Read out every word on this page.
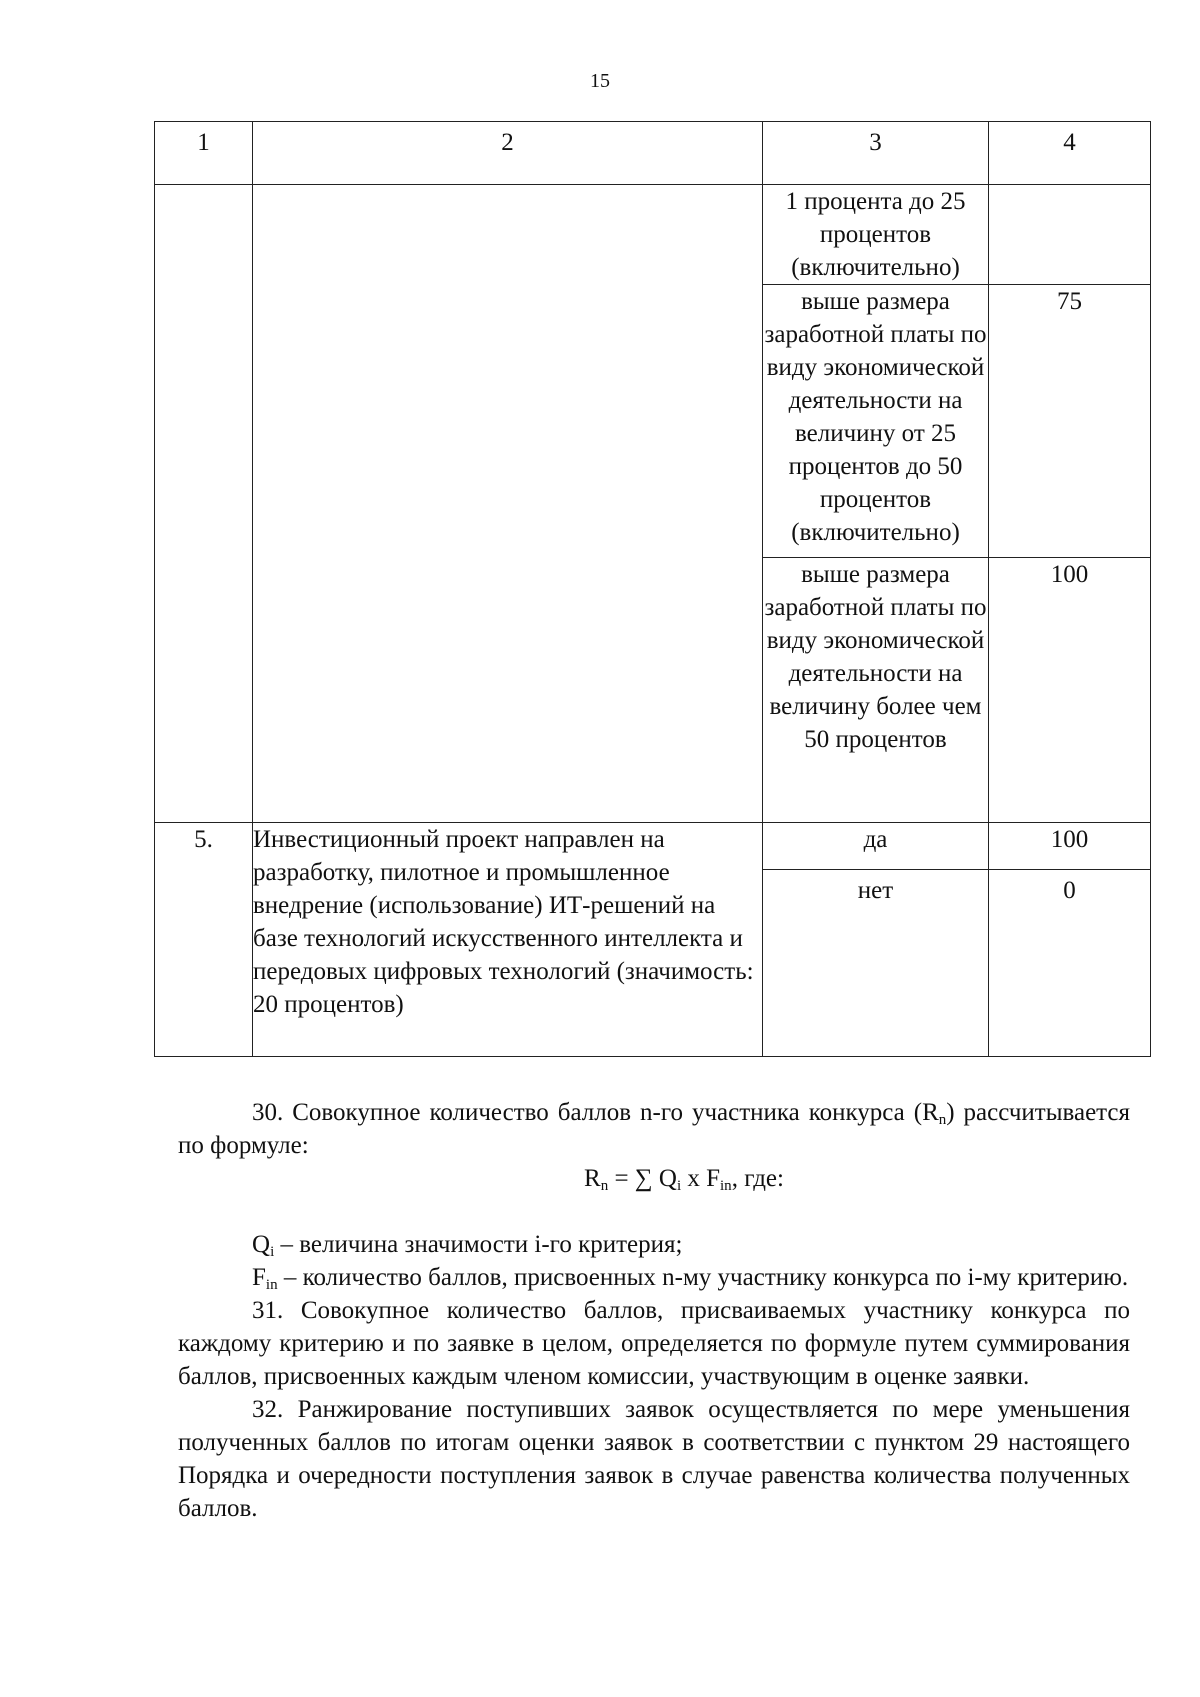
15
1	2	3	4
		1 процента до 25 процентов (включительно)	
		выше размера заработной платы по виду экономической деятельности на величину от 25 процентов до 50 процентов (включительно)	75
		выше размера заработной платы по виду экономической деятельности на величину более чем 50 процентов	100
5.	Инвестиционный проект направлен на разработку, пилотное и промышленное внедрение (использование) ИТ-решений на базе технологий искусственного интеллекта и передовых цифровых технологий (значимость: 20 процентов)	да	100
		нет	0

30. Совокупное количество баллов n-го участника конкурса $(R_n)$ рассчитывается по формуле:

$R_n$ = ∑ $Q_i$ x $F_{in}$, где:

$Q_i$ – величина значимости i-го критерия;

$F_{in}$ – количество баллов, присвоенных n-му участнику конкурса по i-му критерию.

31. Совокупное количество баллов, присваиваемых участнику конкурса по каждому критерию и по заявке в целом, определяется по формуле путем суммирования баллов, присвоенных каждым членом комиссии, участвующим в оценке заявки.

32. Ранжирование поступивших заявок осуществляется по мере уменьшения полученных баллов по итогам оценки заявок в соответствии с пунктом 29 настоящего Порядка и очередности поступления заявок в случае равенства количества полученных баллов.
